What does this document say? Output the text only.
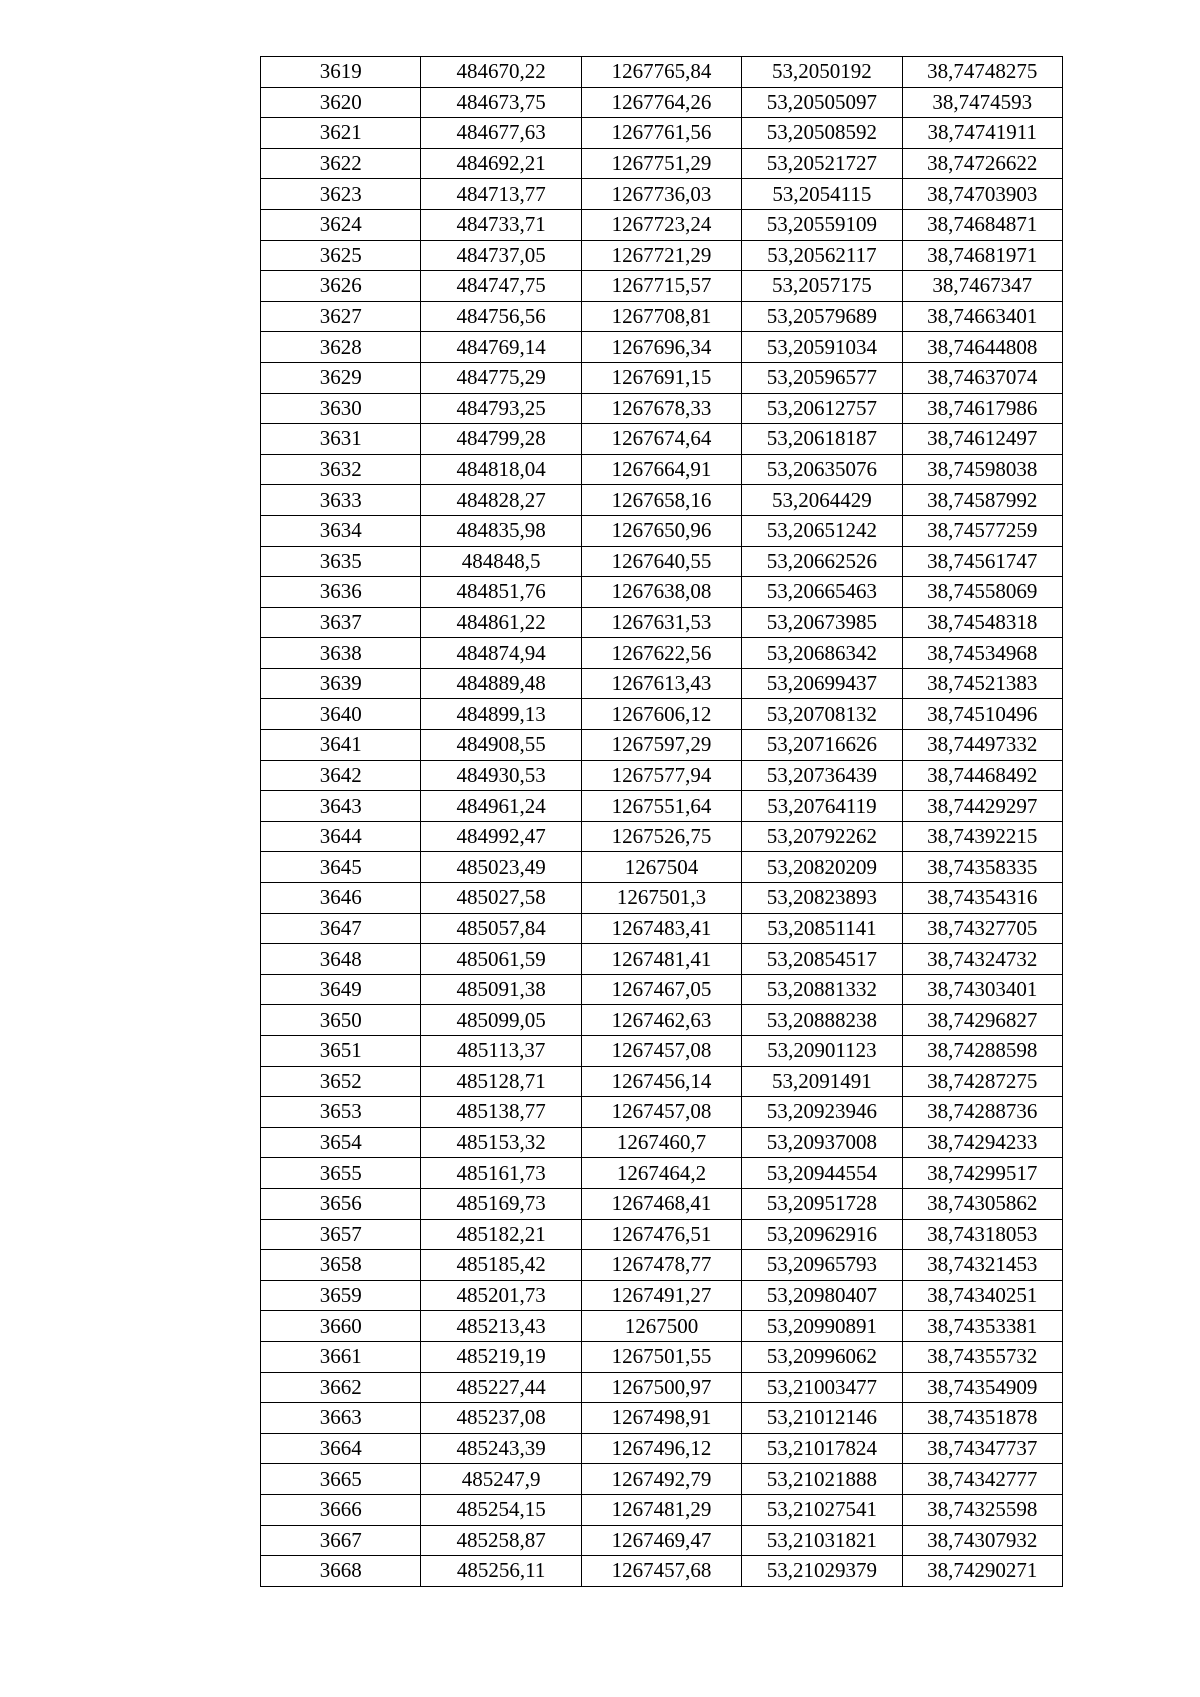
3619	484670,22	1267765,84	53,2050192	38,74748275
3620	484673,75	1267764,26	53,20505097	38,7474593
3621	484677,63	1267761,56	53,20508592	38,74741911
3622	484692,21	1267751,29	53,20521727	38,74726622
3623	484713,77	1267736,03	53,2054115	38,74703903
3624	484733,71	1267723,24	53,20559109	38,74684871
3625	484737,05	1267721,29	53,20562117	38,74681971
3626	484747,75	1267715,57	53,2057175	38,7467347
3627	484756,56	1267708,81	53,20579689	38,74663401
3628	484769,14	1267696,34	53,20591034	38,74644808
3629	484775,29	1267691,15	53,20596577	38,74637074
3630	484793,25	1267678,33	53,20612757	38,74617986
3631	484799,28	1267674,64	53,20618187	38,74612497
3632	484818,04	1267664,91	53,20635076	38,74598038
3633	484828,27	1267658,16	53,2064429	38,74587992
3634	484835,98	1267650,96	53,20651242	38,74577259
3635	484848,5	1267640,55	53,20662526	38,74561747
3636	484851,76	1267638,08	53,20665463	38,74558069
3637	484861,22	1267631,53	53,20673985	38,74548318
3638	484874,94	1267622,56	53,20686342	38,74534968
3639	484889,48	1267613,43	53,20699437	38,74521383
3640	484899,13	1267606,12	53,20708132	38,74510496
3641	484908,55	1267597,29	53,20716626	38,74497332
3642	484930,53	1267577,94	53,20736439	38,74468492
3643	484961,24	1267551,64	53,20764119	38,74429297
3644	484992,47	1267526,75	53,20792262	38,74392215
3645	485023,49	1267504	53,20820209	38,74358335
3646	485027,58	1267501,3	53,20823893	38,74354316
3647	485057,84	1267483,41	53,20851141	38,74327705
3648	485061,59	1267481,41	53,20854517	38,74324732
3649	485091,38	1267467,05	53,20881332	38,74303401
3650	485099,05	1267462,63	53,20888238	38,74296827
3651	485113,37	1267457,08	53,20901123	38,74288598
3652	485128,71	1267456,14	53,2091491	38,74287275
3653	485138,77	1267457,08	53,20923946	38,74288736
3654	485153,32	1267460,7	53,20937008	38,74294233
3655	485161,73	1267464,2	53,20944554	38,74299517
3656	485169,73	1267468,41	53,20951728	38,74305862
3657	485182,21	1267476,51	53,20962916	38,74318053
3658	485185,42	1267478,77	53,20965793	38,74321453
3659	485201,73	1267491,27	53,20980407	38,74340251
3660	485213,43	1267500	53,20990891	38,74353381
3661	485219,19	1267501,55	53,20996062	38,74355732
3662	485227,44	1267500,97	53,21003477	38,74354909
3663	485237,08	1267498,91	53,21012146	38,74351878
3664	485243,39	1267496,12	53,21017824	38,74347737
3665	485247,9	1267492,79	53,21021888	38,74342777
3666	485254,15	1267481,29	53,21027541	38,74325598
3667	485258,87	1267469,47	53,21031821	38,74307932
3668	485256,11	1267457,68	53,21029379	38,74290271
